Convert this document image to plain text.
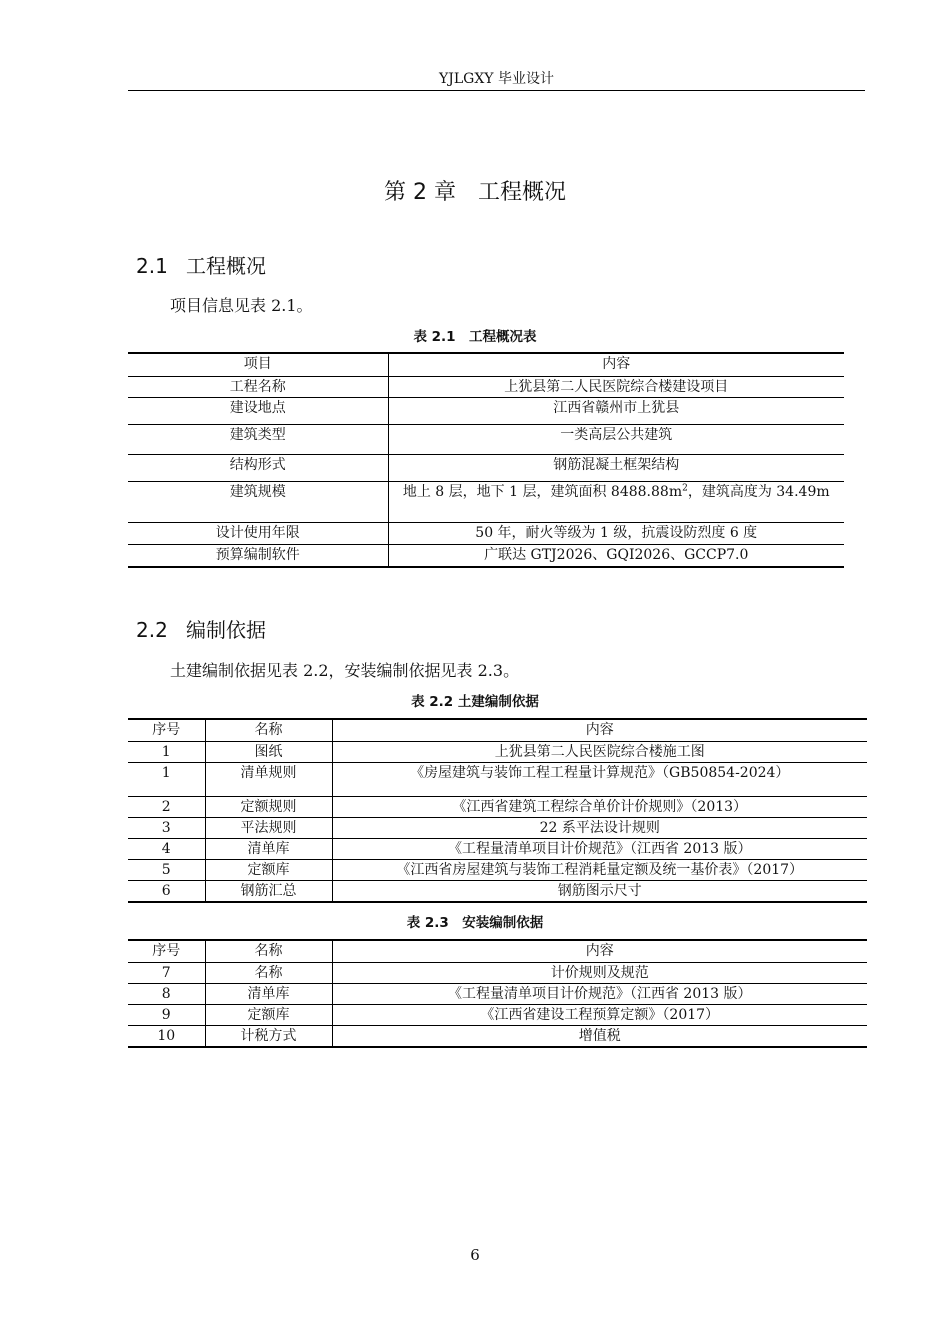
YJLGXY 毕业设计
第 2 章　工程概况
2.1 工程概况
项目信息见表 2.1。
表 2.1　工程概况表
项目	内容
工程名称	上犹县第二人民医院综合楼建设项目
建设地点	江西省赣州市上犹县
建筑类型	一类高层公共建筑
结构形式	钢筋混凝土框架结构
建筑规模	地上 8 层，地下 1 层，建筑面积 $8488.88m^2$，建筑高度为 34.49m
设计使用年限	50 年，耐火等级为 1 级，抗震设防烈度 6 度
预算编制软件	广联达 GTJ2026、GQI2026、GCCP7.0
2.2 编制依据
土建编制依据见表 2.2，安装编制依据见表 2.3。
表 2.2 土建编制依据
序号	名称	内容
1	图纸	上犹县第二人民医院综合楼施工图
1	清单规则	《房屋建筑与装饰工程工程量计算规范》（GB50854-2024）
2	定额规则	《江西省建筑工程综合单价计价规则》（2013）
3	平法规则	22 系平法设计规则
4	清单库	《工程量清单项目计价规范》（江西省 2013 版）
5	定额库	《江西省房屋建筑与装饰工程消耗量定额及统一基价表》（2017）
6	钢筋汇总	钢筋图示尺寸
表 2.3　安装编制依据
序号	名称	内容
7	名称	计价规则及规范
8	清单库	《工程量清单项目计价规范》（江西省 2013 版）
9	定额库	《江西省建设工程预算定额》（2017）
10	计税方式	增值税
6
